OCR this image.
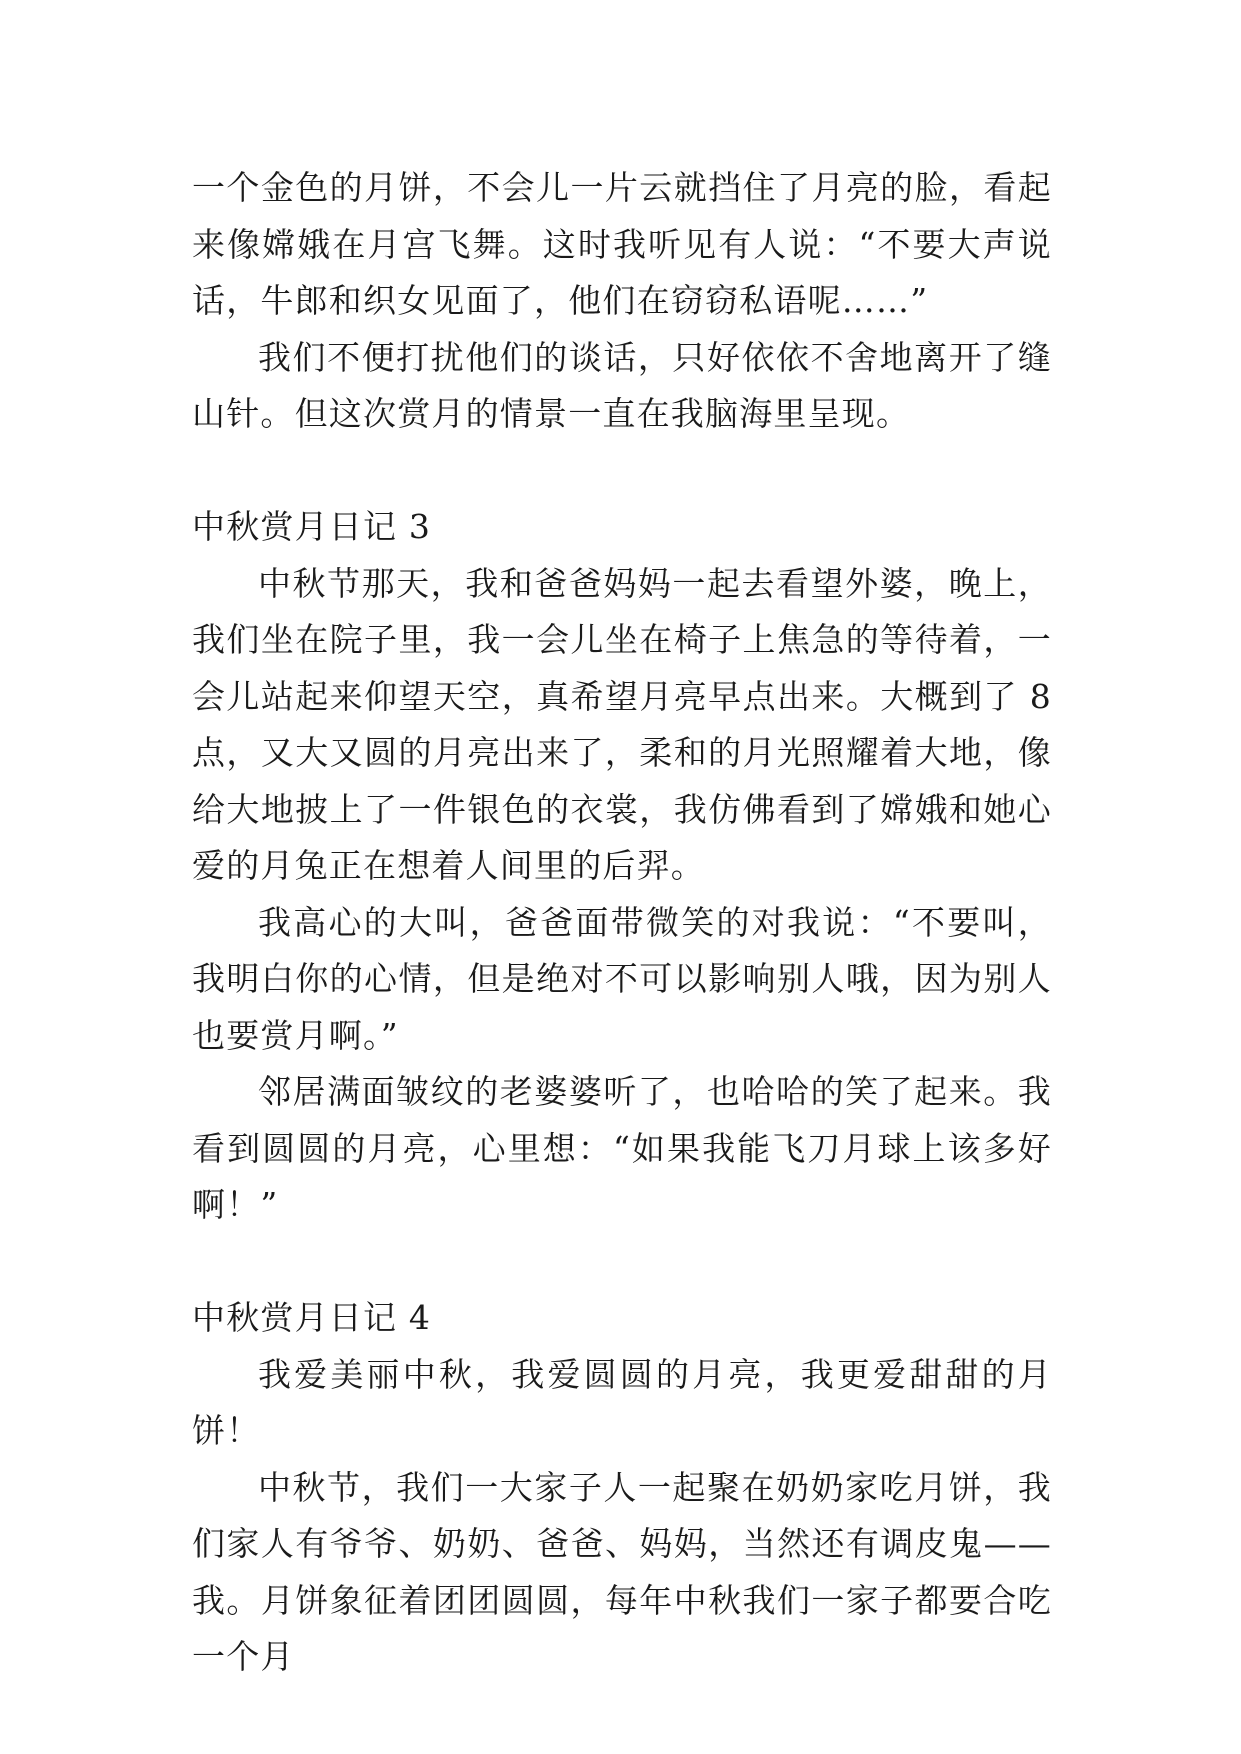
一个金色的月饼，不会儿一片云就挡住了月亮的脸，看起来像嫦娥在月宫飞舞。这时我听见有人说：“不要大声说话，牛郎和织女见面了，他们在窃窃私语呢……”

我们不便打扰他们的谈话，只好依依不舍地离开了缝山针。但这次赏月的情景一直在我脑海里呈现。

中秋赏月日记 3

中秋节那天，我和爸爸妈妈一起去看望外婆，晚上，我们坐在院子里，我一会儿坐在椅子上焦急的等待着，一会儿站起来仰望天空，真希望月亮早点出来。大概到了 8 点，又大又圆的月亮出来了，柔和的月光照耀着大地，像给大地披上了一件银色的衣裳，我仿佛看到了嫦娥和她心爱的月兔正在想着人间里的后羿。

我高心的大叫，爸爸面带微笑的对我说：“不要叫，我明白你的心情，但是绝对不可以影响别人哦，因为别人也要赏月啊。”

邻居满面皱纹的老婆婆听了，也哈哈的笑了起来。我看到圆圆的月亮，心里想：“如果我能飞刀月球上该多好啊！”

中秋赏月日记 4

我爱美丽中秋，我爱圆圆的月亮，我更爱甜甜的月饼！

中秋节，我们一大家子人一起聚在奶奶家吃月饼，我们家人有爷爷、奶奶、爸爸、妈妈，当然还有调皮鬼——我。月饼象征着团团圆圆，每年中秋我们一家子都要合吃一个月
